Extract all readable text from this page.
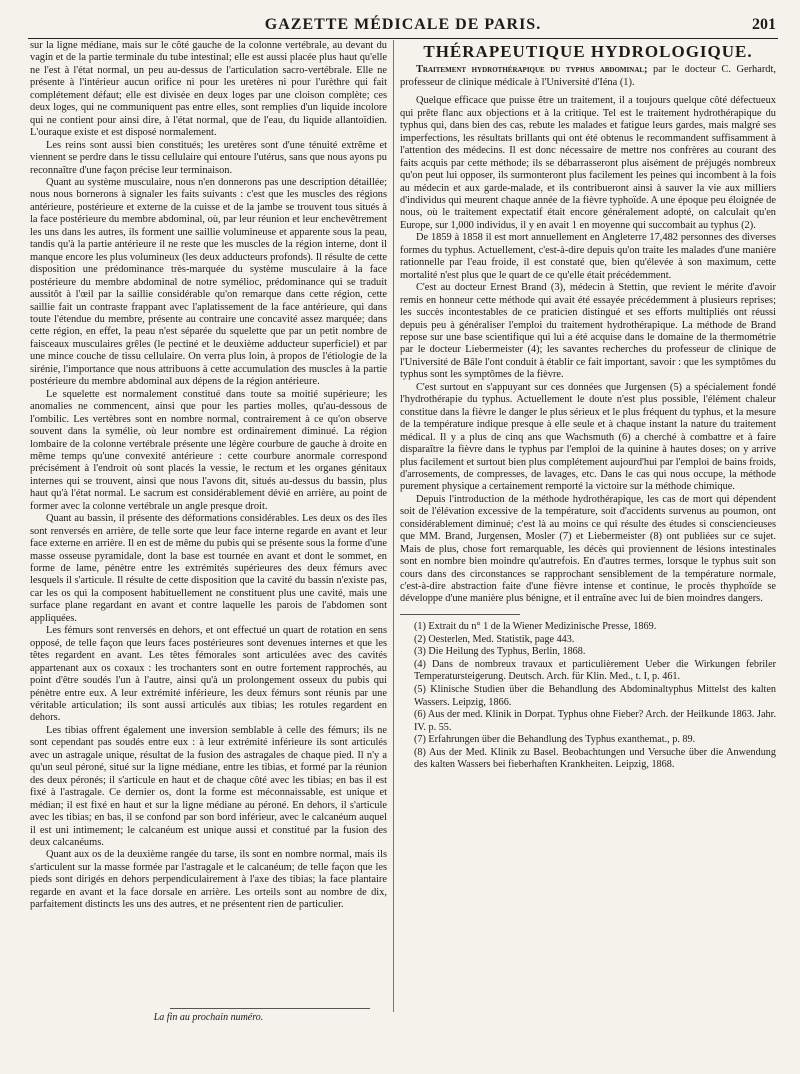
GAZETTE MÉDICALE DE PARIS.	201

sur la ligne médiane, mais sur le côté gauche de la colonne vertébrale, au devant du vagin et de la partie terminale du tube intestinal; elle est aussi placée plus haut qu'elle ne l'est à l'état normal, un peu au-dessus de l'articulation sacro-vertébrale. Elle ne présente à l'intérieur aucun orifice ni pour les uretères ni pour l'urèthre qui fait complétement défaut; elle est divisée en deux loges par une cloison complète; ces deux loges, qui ne communiquent pas entre elles, sont remplies d'un liquide incolore qui ne contient pour ainsi dire, à l'état normal, que de l'eau, du liquide allantoïdien. L'ouraque existe et est disposé normalement.

Les reins sont aussi bien constitués; les uretères sont d'une ténuité extrême et viennent se perdre dans le tissu cellulaire qui entoure l'utérus, sans que nous ayons pu reconnaître d'une façon précise leur terminaison.

Quant au système musculaire, nous n'en donnerons pas une description détaillée; nous nous bornerons à signaler les faits suivants : c'est que les muscles des régions antérieure, postérieure et externe de la cuisse et de la jambe se trouvent tous situés à la face postérieure du membre abdominal, où, par leur réunion et leur enchevêtrement les uns dans les autres, ils forment une saillie volumineuse et apparente sous la peau, tandis qu'à la partie antérieure il ne reste que les muscles de la région interne, dont il manque encore les plus volumineux (les deux adducteurs profonds). Il résulte de cette disposition une prédominance très-marquée du système musculaire à la face postérieure du membre abdominal de notre syméliос, prédominance qui se traduit aussitôt à l'œil par la saillie considérable qu'on remarque dans cette région, cette saillie fait un contraste frappant avec l'aplatissement de la face antérieure, qui dans toute l'étendue du membre, présente au contraire une concavité assez marquée; dans cette région, en effet, la peau n'est séparée du squelette que par un petit nombre de faisceaux musculaires grêles (le pectiné et le deuxième adducteur superficiel) et par une mince couche de tissu cellulaire. On verra plus loin, à propos de l'étiologie de la sirénie, l'importance que nous attribuons à cette accumulation des muscles à la partie postérieure du membre abdominal aux dépens de la région antérieure.

Le squelette est normalement constitué dans toute sa moitié supérieure; les anomalies ne commencent, ainsi que pour les parties molles, qu'au-dessous de l'ombilic. Les vertèbres sont en nombre normal, contrairement à ce qu'on observe souvent dans la symélie, où leur nombre est ordinairement diminué. La région lombaire de la colonne vertébrale présente une légère courbure de gauche à droite en même temps qu'une convexité antérieure : cette courbure anormale correspond précisément à l'endroit où sont placés la vessie, le rectum et les organes génitaux internes qui se trouvent, ainsi que nous l'avons dit, situés au-dessus du bassin, plus haut qu'à l'état normal. Le sacrum est considérablement dévié en arrière, au point de former avec la colonne vertébrale un angle presque droit.

Quant au bassin, il présente des déformations considérables. Les deux os des îles sont renversés en arrière, de telle sorte que leur face interne regarde en avant et leur face externe en arrière. Il en est de même du pubis qui se présente sous la forme d'une masse osseuse pyramidale, dont la base est tournée en avant et dont le sommet, en forme de lame, pénètre entre les extrémités supérieures des deux fémurs avec lesquels il s'articule. Il résulte de cette disposition que la cavité du bassin n'existe pas, car les os qui la composent habituellement ne constituent plus une cavité, mais une surface plane regardant en avant et contre laquelle les parois de l'abdomen sont appliquées.

Les fémurs sont renversés en dehors, et ont effectué un quart de rotation en sens opposé, de telle façon que leurs faces postérieures sont devenues internes et que les têtes regardent en avant. Les têtes fémorales sont articulées avec des cavités appartenant aux os coxaux : les trochanters sont en outre fortement rapprochés, au point d'être soudés l'un à l'autre, ainsi qu'à un prolongement osseux du pubis qui pénètre entre eux. A leur extrémité inférieure, les deux fémurs sont réunis par une véritable articulation; ils sont aussi articulés aux tibias; les rotules regardent en dehors.

Les tibias offrent également une inversion semblable à celle des fémurs; ils ne sont cependant pas soudés entre eux : à leur extrémité inférieure ils sont articulés avec un astragale unique, résultat de la fusion des astragales de chaque pied. Il n'y a qu'un seul péroné, situé sur la ligne médiane, entre les tibias, et formé par la réunion des deux péronés; il s'articule en haut et de chaque côté avec les tibias; en bas il est fixé à l'astragale. Ce dernier os, dont la forme est méconnaissable, est unique et médian; il est fixé en haut et sur la ligne médiane au péroné. En dehors, il s'articule avec les tibias; en bas, il se confond par son bord inférieur, avec le calcanéum auquel il est uni intimement; le calcanéum est unique aussi et constitué par la fusion des deux calcanéums.

Quant aux os de la deuxième rangée du tarse, ils sont en nombre normal, mais ils s'articulent sur la masse formée par l'astragale et le calcanéum; de telle façon que les pieds sont dirigés en dehors perpendiculairement à l'axe des tibias; la face plantaire regarde en avant et la face dorsale en arrière. Les orteils sont au nombre de dix, parfaitement distincts les uns des autres, et ne présentent rien de particulier.

La fin au prochain numéro.
THÉRAPEUTIQUE HYDROLOGIQUE.

Traitement hydrothérapique du typhus abdominal; par le docteur C. Gerhardt, professeur de clinique médicale à l'Université d'Iéna (1).

Quelque efficace que puisse être un traitement, il a toujours quelque côté défectueux qui prête flanc aux objections et à la critique. Tel est le traitement hydrothérapique du typhus qui, dans bien des cas, rebute les malades et fatigue leurs gardes, mais malgré ses imperfections, les résultats brillants qui ont été obtenus le recommandent suffisamment à l'attention des médecins. Il est donc nécessaire de mettre nos confrères au courant des faits acquis par cette méthode; ils se débarrasseront plus aisément de préjugés nombreux qu'on peut lui opposer, ils surmonteront plus facilement les peines qui incombent à la fois au médecin et aux garde-malade, et ils contribueront ainsi à sauver la vie aux milliers d'individus qui meurent chaque année de la fièvre typhoïde. A une époque peu éloignée de nous, où le traitement expectatif était encore généralement adopté, on calculait qu'en Europe, sur 1,000 individus, il y en avait 1 en moyenne qui succombait au typhus (2).

De 1859 à 1858 il est mort annuellement en Angleterre 17,482 personnes des diverses formes du typhus. Actuellement, c'est-à-dire depuis qu'on traite les malades d'une manière rationnelle par l'eau froide, il est constaté que, bien qu'élevée à son maximum, cette mortalité n'est plus que le quart de ce qu'elle était précédemment.

C'est au docteur Ernest Brand (3), médecin à Stettin, que revient le mérite d'avoir remis en honneur cette méthode qui avait été essayée précédemment à plusieurs reprises; les succès incontestables de ce praticien distingué et ses efforts multipliés ont réussi depuis peu à généraliser l'emploi du traitement hydrothérapique. La méthode de Brand repose sur une base scientifique qui lui a été acquise dans le domaine de la thermométrie par le docteur Liebermeister (4); les savantes recherches du professeur de clinique de l'Université de Bâle l'ont conduit à établir ce fait important, savoir : que les symptômes du typhus sont les symptômes de la fièvre.

C'est surtout en s'appuyant sur ces données que Jurgensen (5) a spécialement fondé l'hydrothérapie du typhus. Actuellement le doute n'est plus possible, l'élément chaleur constitue dans la fièvre le danger le plus sérieux et le plus fréquent du typhus, et la mesure de la température indique presque à elle seule et à chaque instant la nature du traitement médical. Il y a plus de cinq ans que Wachsmuth (6) a cherché à combattre et à faire disparaître la fièvre dans le typhus par l'emploi de la quinine à hautes doses; on y arrive plus facilement et surtout bien plus complétement aujourd'hui par l'emploi de bains froids, d'arrosements, de compresses, de lavages, etc. Dans le cas qui nous occupe, la méthode purement physique a certainement remporté la victoire sur la méthode chimique.

Depuis l'introduction de la méthode hydrothérapique, les cas de mort qui dépendent soit de l'élévation excessive de la température, soit d'accidents survenus au poumon, ont considérablement diminué; c'est là au moins ce qui résulte des études si consciencieuses que MM. Brand, Jurgensen, Mosler (7) et Liebermeister (8) ont publiées sur ce sujet. Mais de plus, chose fort remarquable, les décès qui proviennent de lésions intestinales sont en nombre bien moindre qu'autrefois. En d'autres termes, lorsque le typhus suit son cours dans des circonstances se rapprochant sensiblement de la température normale, c'est-à-dire abstraction faite d'une fièvre intense et continue, le procès thyphoïde se développe d'une manière plus bénigne, et il entraîne avec lui de bien moindres dangers.

(1) Extrait du n° 1 de la Wiener Medizinische Presse, 1869.

(2) Oesterlen, Med. Statistik, page 443.

(3) Die Heilung des Typhus, Berlin, 1868.

(4) Dans de nombreux travaux et particulièrement Ueber die Wirkungen febriler Temperatursteigerung. Deutsch. Arch. für Klin. Med., t. I, p. 461.

(5) Klinische Studien über die Behandlung des Abdominaltyphus Mittelst des kalten Wassers. Leipzig, 1866.

(6) Aus der med. Klinik in Dorpat. Typhus ohne Fieber? Arch. der Heilkunde 1863. Jahr. IV. p. 55.

(7) Erfahrungen über die Behandlung des Typhus exanthemat., p. 89.

(8) Aus der Med. Klinik zu Basel. Beobachtungen und Versuche über die Anwendung des kalten Wassers bei fieberhaften Krankheiten. Leipzig, 1868.
